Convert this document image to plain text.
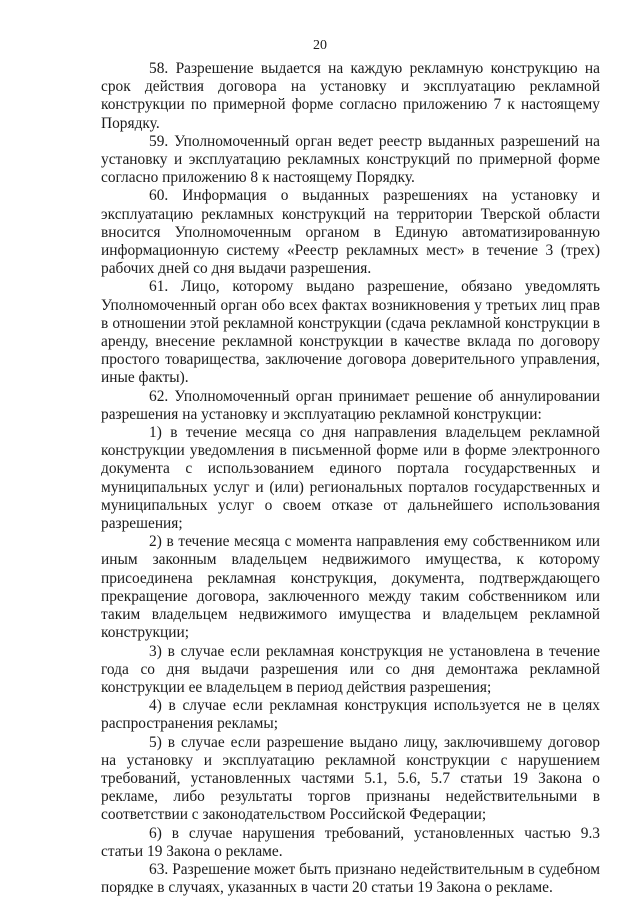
20

58. Разрешение выдается на каждую рекламную конструкцию на срок действия договора на установку и эксплуатацию рекламной конструкции по примерной форме согласно приложению 7 к настоящему Порядку.

59. Уполномоченный орган ведет реестр выданных разрешений на установку и эксплуатацию рекламных конструкций по примерной форме согласно приложению 8 к настоящему Порядку.

60. Информация о выданных разрешениях на установку и эксплуатацию рекламных конструкций на территории Тверской области вносится Уполномоченным органом в Единую автоматизированную информационную систему «Реестр рекламных мест» в течение 3 (трех) рабочих дней со дня выдачи разрешения.

61. Лицо, которому выдано разрешение, обязано уведомлять Уполномоченный орган обо всех фактах возникновения у третьих лиц прав в отношении этой рекламной конструкции (сдача рекламной конструкции в аренду, внесение рекламной конструкции в качестве вклада по договору простого товарищества, заключение договора доверительного управления, иные факты).

62. Уполномоченный орган принимает решение об аннулировании разрешения на установку и эксплуатацию рекламной конструкции:

1) в течение месяца со дня направления владельцем рекламной конструкции уведомления в письменной форме или в форме электронного документа с использованием единого портала государственных и муниципальных услуг и (или) региональных порталов государственных и муниципальных услуг о своем отказе от дальнейшего использования разрешения;

2) в течение месяца с момента направления ему собственником или иным законным владельцем недвижимого имущества, к которому присоединена рекламная конструкция, документа, подтверждающего прекращение договора, заключенного между таким собственником или таким владельцем недвижимого имущества и владельцем рекламной конструкции;

3) в случае если рекламная конструкция не установлена в течение года со дня выдачи разрешения или со дня демонтажа рекламной конструкции ее владельцем в период действия разрешения;

4) в случае если рекламная конструкция используется не в целях распространения рекламы;

5) в случае если разрешение выдано лицу, заключившему договор на установку и эксплуатацию рекламной конструкции с нарушением требований, установленных частями 5.1, 5.6, 5.7 статьи 19 Закона о рекламе, либо результаты торгов признаны недействительными в соответствии с законодательством Российской Федерации;

6) в случае нарушения требований, установленных частью 9.3 статьи 19 Закона о рекламе.

63. Разрешение может быть признано недействительным в судебном порядке в случаях, указанных в части 20 статьи 19 Закона о рекламе.
